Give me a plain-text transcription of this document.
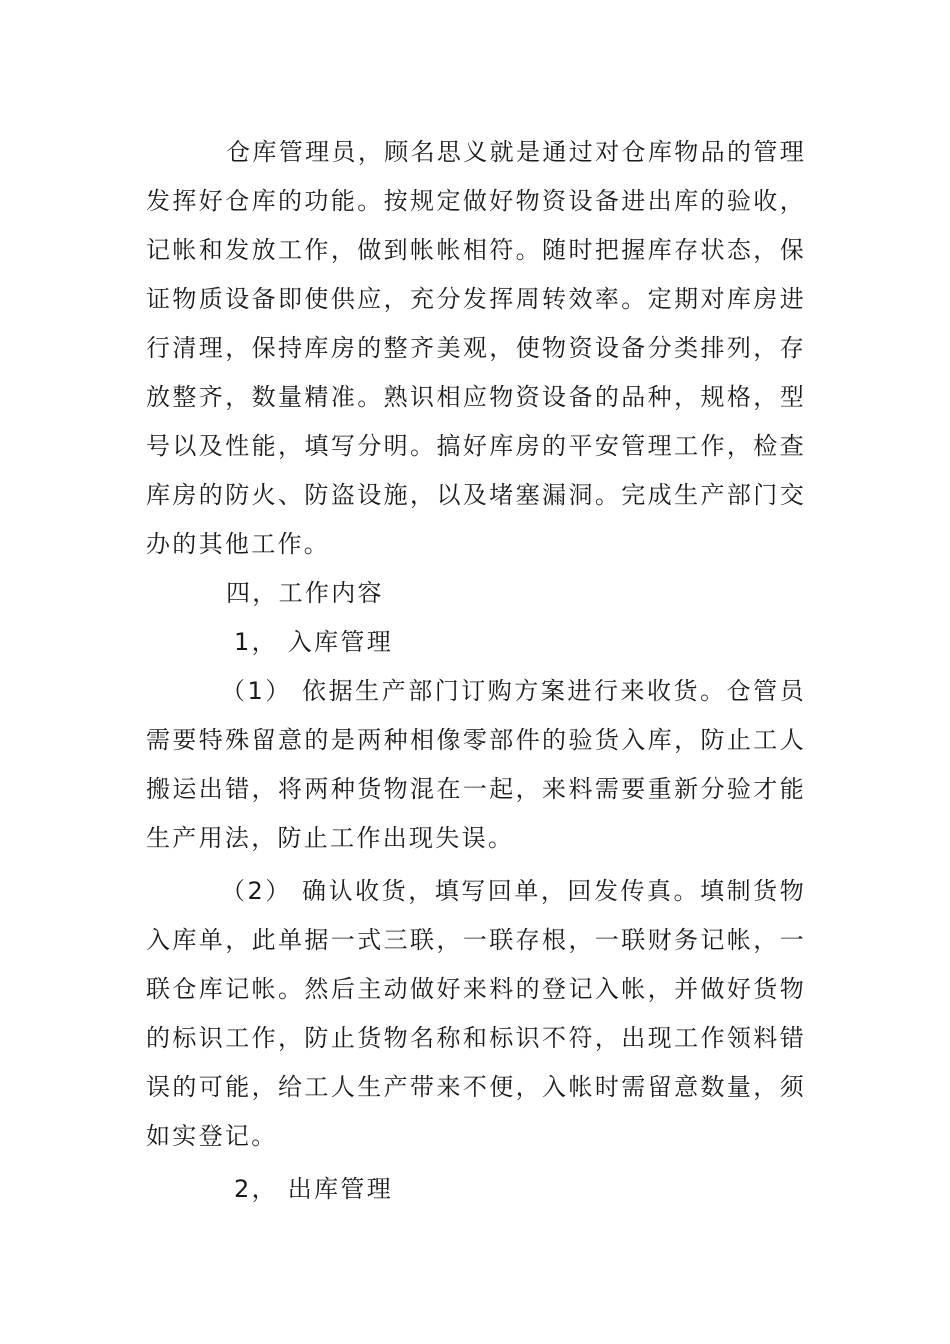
仓库管理员，顾名思义就是通过对仓库物品的管理发挥好仓库的功能。按规定做好物资设备进出库的验收，记帐和发放工作，做到帐帐相符。随时把握库存状态，保证物质设备即使供应，充分发挥周转效率。定期对库房进行清理，保持库房的整齐美观，使物资设备分类排列，存放整齐，数量精准。熟识相应物资设备的品种，规格，型号以及性能，填写分明。搞好库房的平安管理工作，检查库房的防火、防盗设施，以及堵塞漏洞。完成生产部门交办的其他工作。

四，工作内容

1， 入库管理

（1） 依据生产部门订购方案进行来收货。仓管员需要特殊留意的是两种相像零部件的验货入库，防止工人搬运出错，将两种货物混在一起，来料需要重新分验才能生产用法，防止工作出现失误。

（2） 确认收货，填写回单，回发传真。填制货物入库单，此单据一式三联，一联存根，一联财务记帐，一联仓库记帐。然后主动做好来料的登记入帐，并做好货物的标识工作，防止货物名称和标识不符，出现工作领料错误的可能，给工人生产带来不便，入帐时需留意数量，须如实登记。

2， 出库管理
